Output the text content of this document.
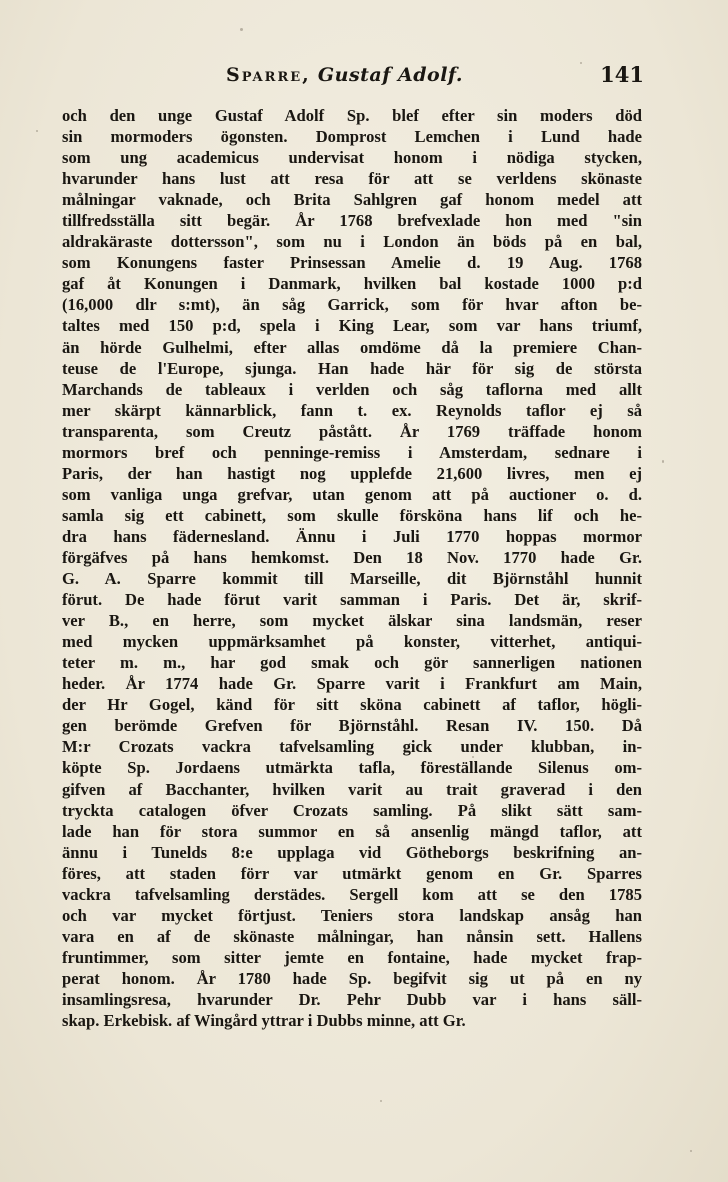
Sparre, Gustaf Adolf.	141
och den unge Gustaf Adolf Sp. blef efter sin moders död
sin mormoders ögonsten. Domprost Lemchen i Lund hade
som ung academicus undervisat honom i nödiga stycken,
hvarunder hans lust att resa för att se verldens skönaste
målningar vaknade, och Brita Sahlgren gaf honom medel att
tillfredsställa sitt begär. År 1768 brefvexlade hon med "sin
aldrakäraste dottersson", som nu i London än böds på en bal,
som Konungens faster Prinsessan Amelie d. 19 Aug. 1768
gaf åt Konungen i Danmark, hvilken bal kostade 1000 p:d
(16,000 dlr s:mt), än såg Garrick, som för hvar afton be-
taltes med 150 p:d, spela i King Lear, som var hans triumf,
än hörde Gulhelmi, efter allas omdöme då la premiere Chan-
teuse de l'Europe, sjunga. Han hade här för sig de största
Marchands de tableaux i verlden och såg taflorna med allt
mer skärpt kännarblick, fann t. ex. Reynolds taflor ej så
transparenta, som Creutz påstått. År 1769 träffade honom
mormors bref och penninge-remiss i Amsterdam, sednare i
Paris, der han hastigt nog upplefde 21,600 livres, men ej
som vanliga unga grefvar, utan genom att på auctioner o. d.
samla sig ett cabinett, som skulle försköna hans lif och he-
dra hans fädernesland. Ännu i Juli 1770 hoppas mormor
förgäfves på hans hemkomst. Den 18 Nov. 1770 hade Gr.
G. A. Sparre kommit till Marseille, dit Björnståhl hunnit
förut. De hade förut varit samman i Paris. Det är, skrif-
ver B., en herre, som mycket älskar sina landsmän, reser
med mycken uppmärksamhet på konster, vitterhet, antiqui-
teter m. m., har god smak och gör sannerligen nationen
heder. År 1774 hade Gr. Sparre varit i Frankfurt am Main,
der Hr Gogel, känd för sitt sköna cabinett af taflor, högli-
gen berömde Grefven för Björnståhl. Resan IV. 150. Då
M:r Crozats vackra tafvelsamling gick under klubban, in-
köpte Sp. Jordaens utmärkta tafla, föreställande Silenus om-
gifven af Bacchanter, hvilken varit au trait graverad i den
tryckta catalogen öfver Crozats samling. På slikt sätt sam-
lade han för stora summor en så ansenlig mängd taflor, att
ännu i Tunelds 8:e upplaga vid Götheborgs beskrifning an-
föres, att staden förr var utmärkt genom en Gr. Sparres
vackra tafvelsamling derstädes. Sergell kom att se den 1785
och var mycket förtjust. Teniers stora landskap ansåg han
vara en af de skönaste målningar, han nånsin sett. Hallens
fruntimmer, som sitter jemte en fontaine, hade mycket frap-
perat honom. År 1780 hade Sp. begifvit sig ut på en ny
insamlingsresa, hvarunder Dr. Pehr Dubb var i hans säll-
skap. Erkebisk. af Wingård yttrar i Dubbs minne, att Gr.
